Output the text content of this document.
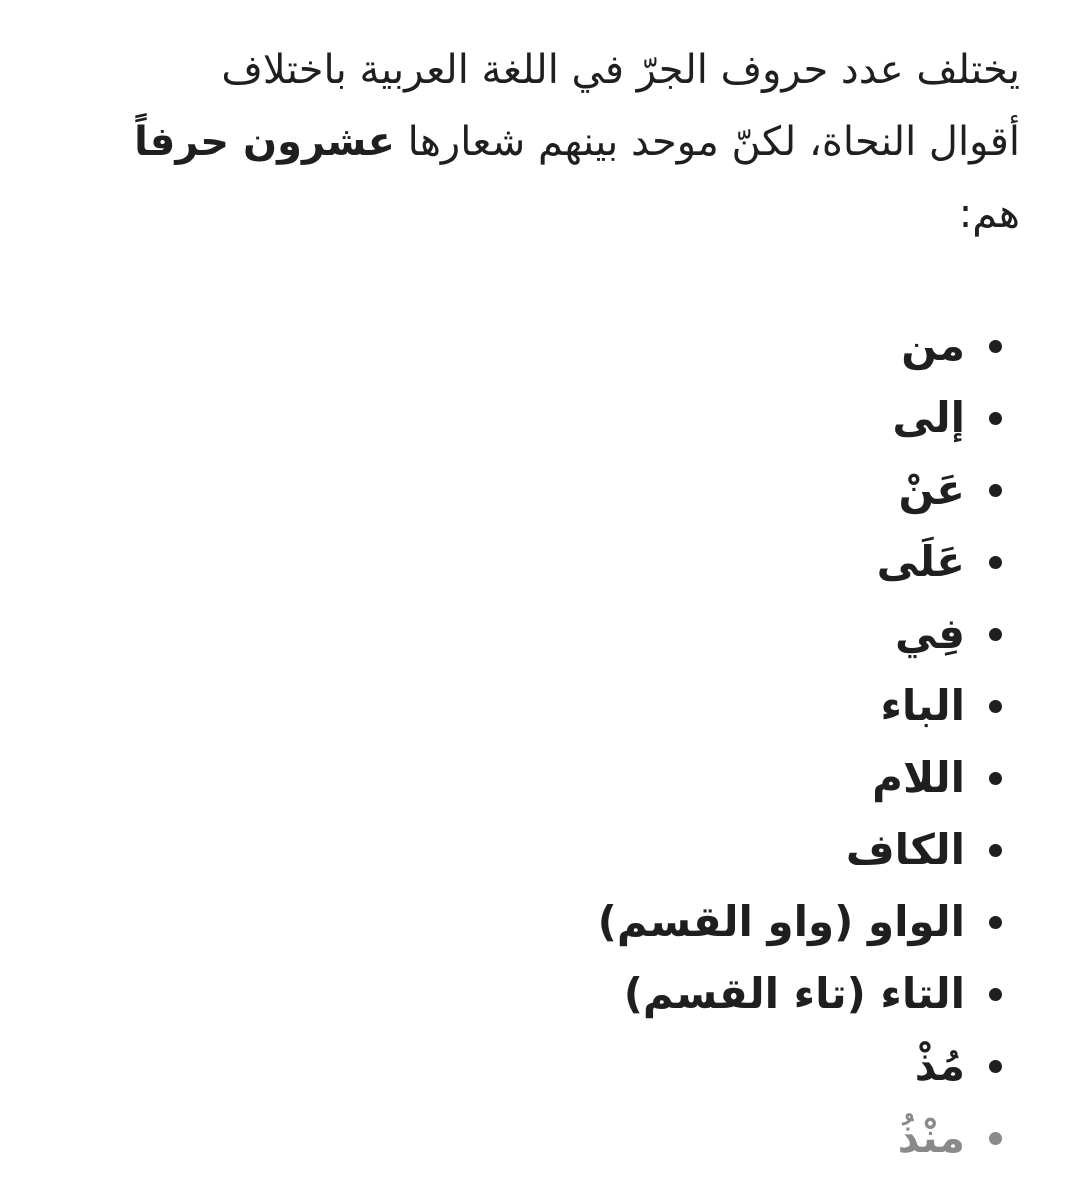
يختلف عدد حروف الجرّ في اللغة العربية باختلاف
أقوال النحاة، لكنّ موحد بينهم شعارها عشرون حرفاً
هم:

من
إلى
عَنْ
عَلَى
فِي
الباء
اللام
الكاف
الواو (واو القسم)
التاء (تاء القسم)
مُذْ
منْذُ
